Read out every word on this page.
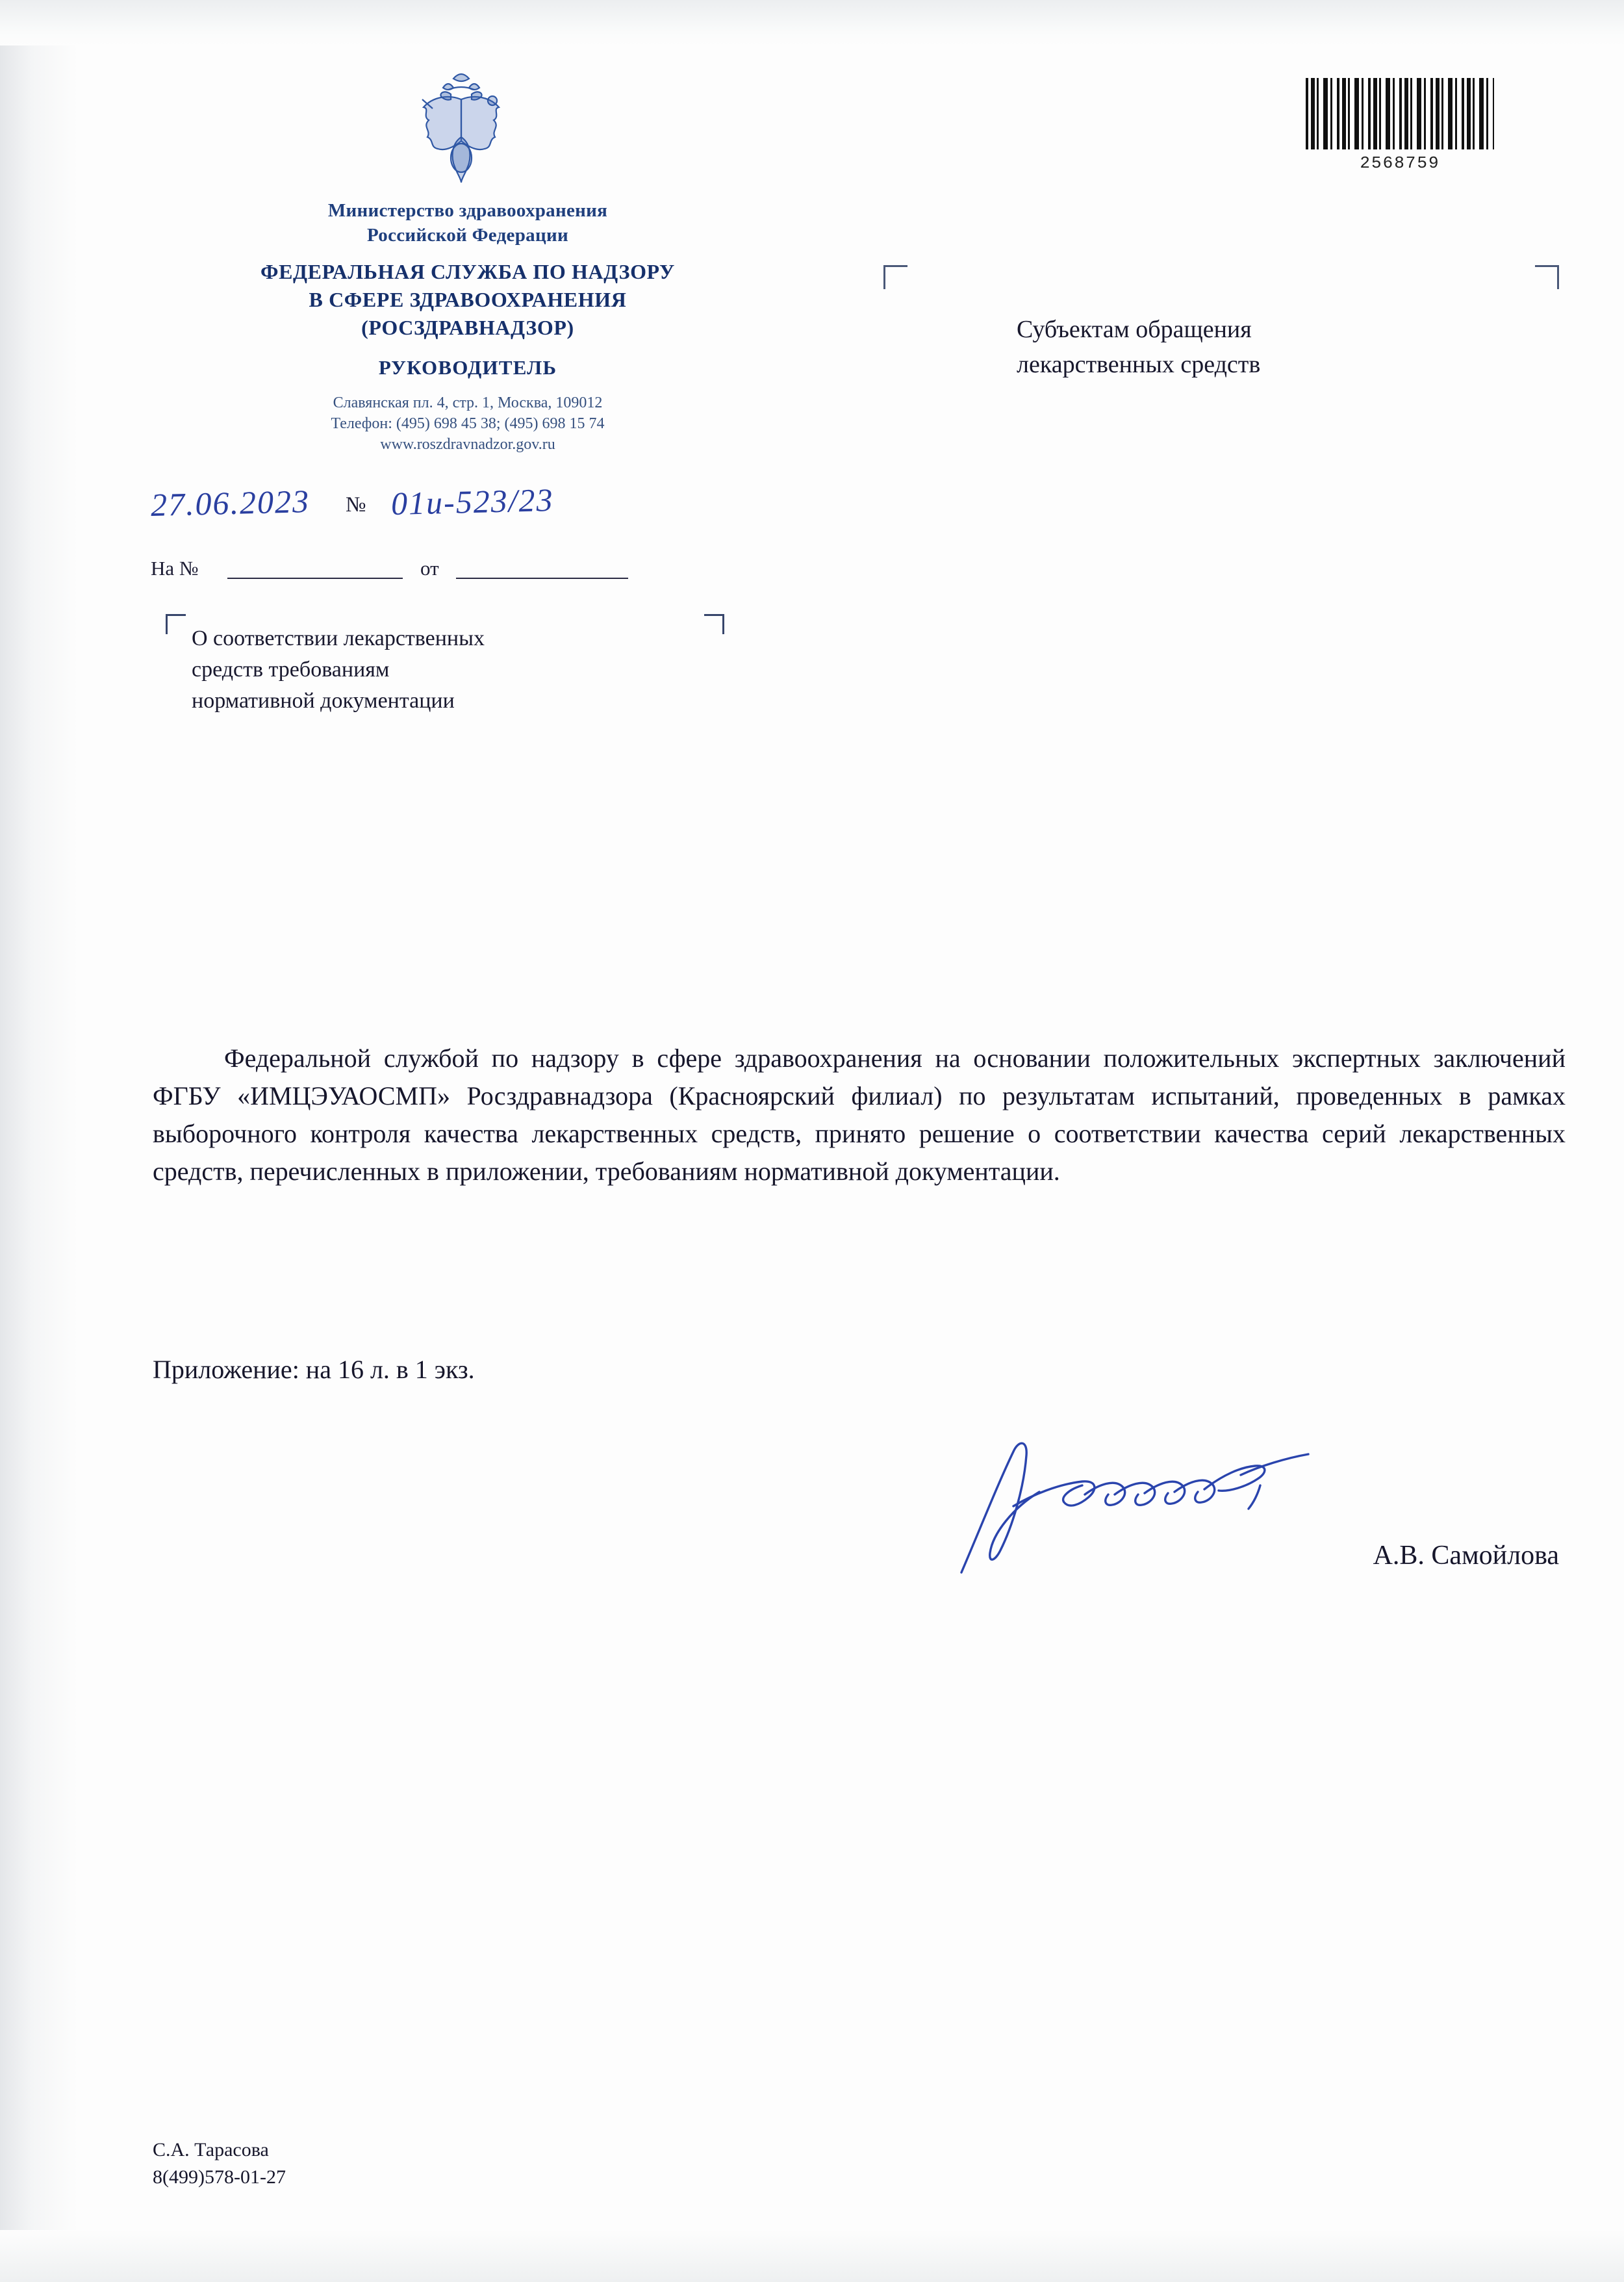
2568759
Министерство здравоохранения
Российской Федерации
ФЕДЕРАЛЬНАЯ СЛУЖБА ПО НАДЗОРУ
В СФЕРЕ ЗДРАВООХРАНЕНИЯ
(РОСЗДРАВНАДЗОР)
РУКОВОДИТЕЛЬ
Славянская пл. 4, стр. 1, Москва, 109012
Телефон: (495) 698 45 38; (495) 698 15 74
www.roszdravnadzor.gov.ru
27.06.2023 № 01и-523/23
На №	от
О соответствии лекарственных
средств требованиям
нормативной документации
Субъектам обращения
лекарственных средств
Федеральной службой по надзору в сфере здравоохранения на основании положительных экспертных заключений ФГБУ «ИМЦЭУАОСМП» Росздравнадзора (Красноярский филиал) по результатам испытаний, проведенных в рамках выборочного контроля качества лекарственных средств, принято решение о соответствии качества серий лекарственных средств, перечисленных в приложении, требованиям нормативной документации.
Приложение: на 16 л. в 1 экз.
А.В. Самойлова
С.А. Тарасова
8(499)578-01-27
